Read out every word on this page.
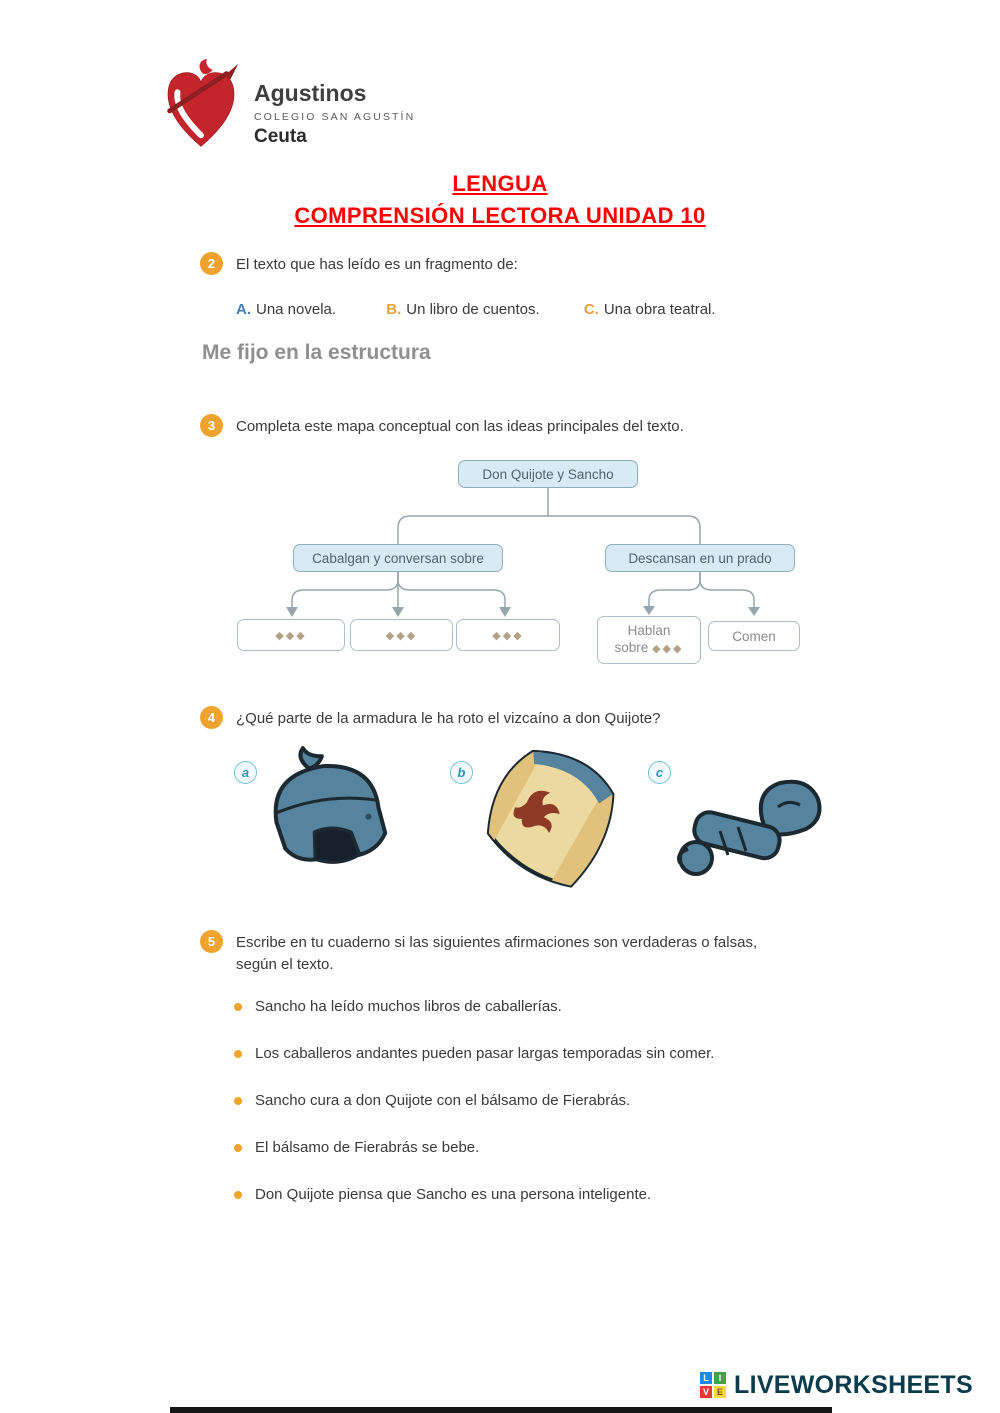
Agustinos
COLEGIO SAN AGUSTÍN
Ceuta
LENGUA
COMPRENSIÓN LECTORA UNIDAD 10
2	El texto que has leído es un fragmento de:
A. Una novela.	B. Un libro de cuentos.	C. Una obra teatral.
Me fijo en la estructura
3	Completa este mapa conceptual con las ideas principales del texto.
Don Quijote y Sancho
Cabalgan y conversan sobre	Descansan en un prado
◆◆◆	◆◆◆	◆◆◆	Hablan
sobre ◆◆◆
Comen
4	¿Qué parte de la armadura le ha roto el vizcaíno a don Quijote?
a	b	c
5	Escribe en tu cuaderno si las siguientes afirmaciones son verdaderas o falsas, según el texto.
Sancho ha leído muchos libros de caballerías.
Los caballeros andantes pueden pasar largas temporadas sin comer.
Sancho cura a don Quijote con el bálsamo de Fierabrás.
El bálsamo de Fierabrás se bebe.
Don Quijote piensa que Sancho es una persona inteligente.
L	I
V E LIVEWORKSHEETS
